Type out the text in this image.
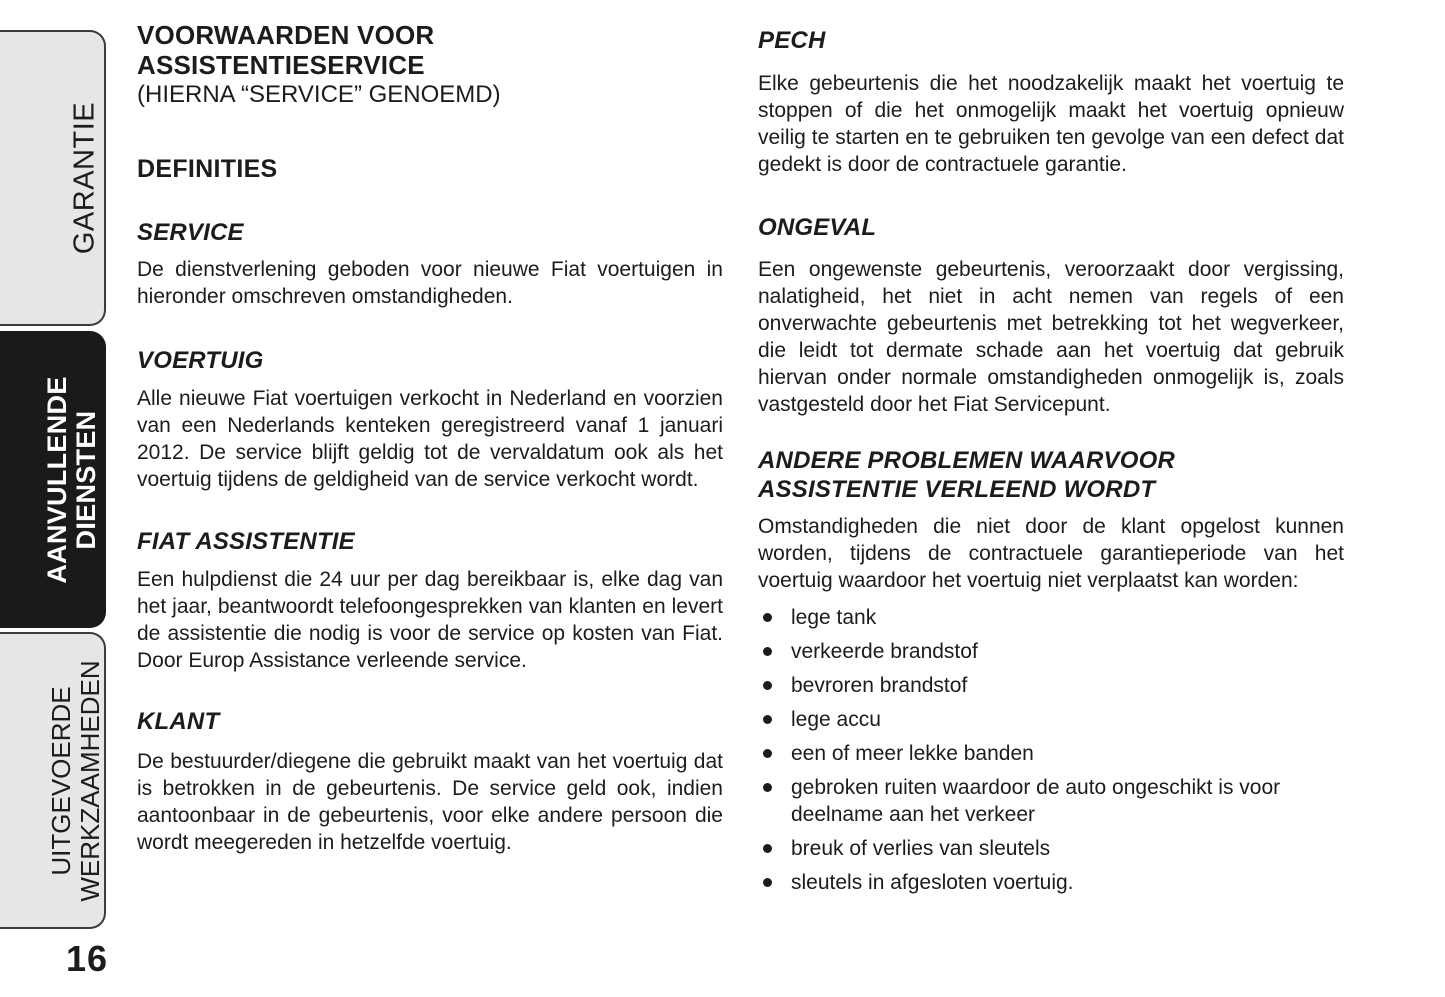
GARANTIE
AANVULLENDE DIENSTEN
UITGEVOERDE WERKZAAMHEDEN
16
VOORWAARDEN VOOR
ASSISTENTIESERVICE
(HIERNA “SERVICE” GENOEMD)
DEFINITIES
SERVICE

De dienstverlening geboden voor nieuwe Fiat voertuigen in hieronder omschreven omstandigheden.

VOERTUIG

Alle nieuwe Fiat voertuigen verkocht in Nederland en voorzien van een Nederlands kenteken geregistreerd vanaf 1 januari 2012. De service blijft geldig tot de vervaldatum ook als het voertuig tijdens de geldigheid van de service verkocht wordt.

FIAT ASSISTENTIE

Een hulpdienst die 24 uur per dag bereikbaar is, elke dag van het jaar, beantwoordt telefoongesprekken van klanten en levert de assistentie die nodig is voor de service op kosten van Fiat. Door Europ Assistance verleende service.

KLANT

De bestuurder/diegene die gebruikt maakt van het voertuig dat is betrokken in de gebeurtenis. De service geld ook, indien aantoonbaar in de gebeurtenis, voor elke andere persoon die wordt meegereden in hetzelfde voertuig.

PECH

Elke gebeurtenis die het noodzakelijk maakt het voertuig te stoppen of die het onmogelijk maakt het voertuig opnieuw veilig te starten en te gebruiken ten gevolge van een defect dat gedekt is door de contractuele garantie.

ONGEVAL

Een ongewenste gebeurtenis, veroorzaakt door vergissing, nalatigheid, het niet in acht nemen van regels of een onverwachte gebeurtenis met betrekking tot het wegverkeer, die leidt tot dermate schade aan het voertuig dat gebruik hiervan onder normale omstandigheden onmogelijk is, zoals vastgesteld door het Fiat Servicepunt.

ANDERE PROBLEMEN WAARVOOR
ASSISTENTIE VERLEEND WORDT

Omstandigheden die niet door de klant opgelost kunnen worden, tijdens de contractuele garantieperiode van het voertuig waardoor het voertuig niet verplaatst kan worden:

lege tank
verkeerde brandstof
bevroren brandstof
lege accu
een of meer lekke banden
gebroken ruiten waardoor de auto ongeschikt is voor deelname aan het verkeer
breuk of verlies van sleutels
sleutels in afgesloten voertuig.
